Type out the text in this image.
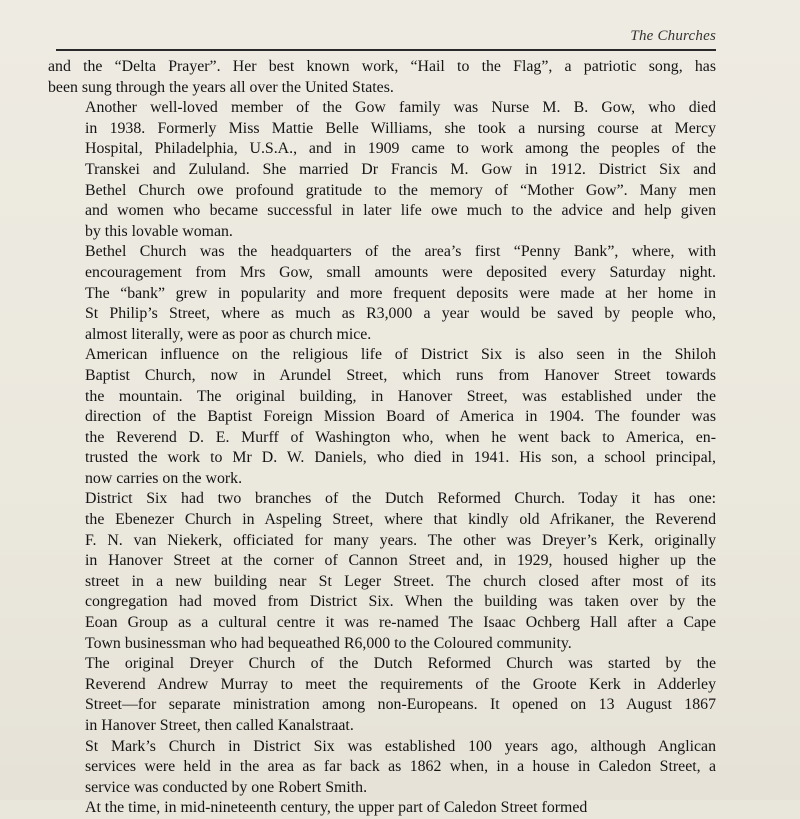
The Churches

and the “Delta Prayer”. Her best known work, “Hail to the Flag”, a patriotic song, has
been sung through the years all over the United States.

Another well-loved member of the Gow family was Nurse M. B. Gow, who died
in 1938. Formerly Miss Mattie Belle Williams, she took a nursing course at Mercy
Hospital, Philadelphia, U.S.A., and in 1909 came to work among the peoples of the
Transkei and Zululand. She married Dr Francis M. Gow in 1912. District Six and
Bethel Church owe profound gratitude to the memory of “Mother Gow”. Many men
and women who became successful in later life owe much to the advice and help given
by this lovable woman.

Bethel Church was the headquarters of the area’s first “Penny Bank”, where, with
encouragement from Mrs Gow, small amounts were deposited every Saturday night.
The “bank” grew in popularity and more frequent deposits were made at her home in
St Philip’s Street, where as much as R3,000 a year would be saved by people who,
almost literally, were as poor as church mice.

American influence on the religious life of District Six is also seen in the Shiloh
Baptist Church, now in Arundel Street, which runs from Hanover Street towards
the mountain. The original building, in Hanover Street, was established under the
direction of the Baptist Foreign Mission Board of America in 1904. The founder was
the Reverend D. E. Murff of Washington who, when he went back to America, en-
trusted the work to Mr D. W. Daniels, who died in 1941. His son, a school principal,
now carries on the work.

District Six had two branches of the Dutch Reformed Church. Today it has one:
the Ebenezer Church in Aspeling Street, where that kindly old Afrikaner, the Reverend
F. N. van Niekerk, officiated for many years. The other was Dreyer’s Kerk, originally
in Hanover Street at the corner of Cannon Street and, in 1929, housed higher up the
street in a new building near St Leger Street. The church closed after most of its
congregation had moved from District Six. When the building was taken over by the
Eoan Group as a cultural centre it was re-named The Isaac Ochberg Hall after a Cape
Town businessman who had bequeathed R6,000 to the Coloured community.

The original Dreyer Church of the Dutch Reformed Church was started by the
Reverend Andrew Murray to meet the requirements of the Groote Kerk in Adderley
Street—for separate ministration among non-Europeans. It opened on 13 August 1867
in Hanover Street, then called Kanalstraat.

St Mark’s Church in District Six was established 100 years ago, although Anglican
services were held in the area as far back as 1862 when, in a house in Caledon Street, a
service was conducted by one Robert Smith.

At the time, in mid-nineteenth century, the upper part of Caledon Street formed
